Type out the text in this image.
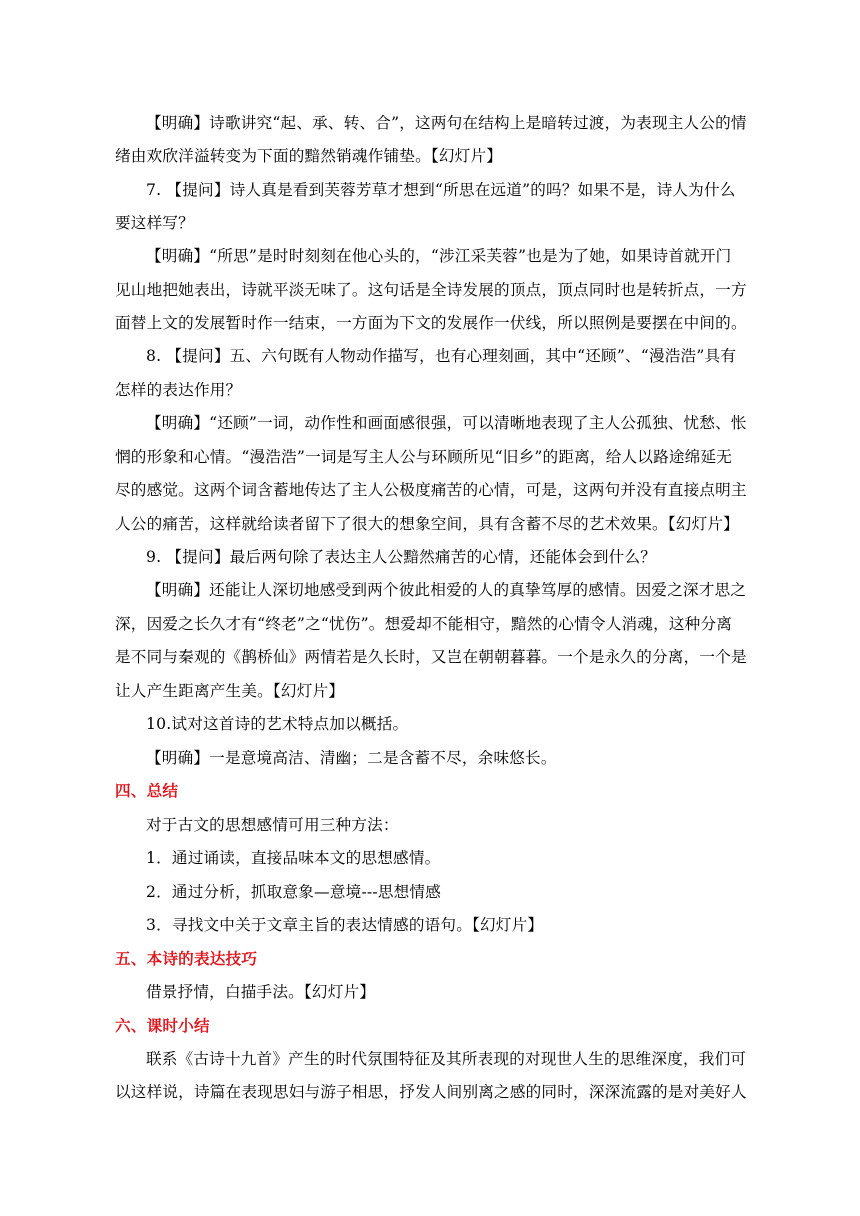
【明确】诗歌讲究“起、承、转、合”，这两句在结构上是暗转过渡，为表现主人公的情
绪由欢欣洋溢转变为下面的黯然销魂作铺垫。【幻灯片】
7. 【提问】诗人真是看到芙蓉芳草才想到“所思在远道”的吗？如果不是，诗人为什么
要这样写？
【明确】“所思”是时时刻刻在他心头的，“涉江采芙蓉”也是为了她，如果诗首就开门
见山地把她表出，诗就平淡无味了。这句话是全诗发展的顶点，顶点同时也是转折点，一方
面替上文的发展暂时作一结束，一方面为下文的发展作一伏线，所以照例是要摆在中间的。
8. 【提问】五、六句既有人物动作描写，也有心理刻画，其中“还顾”、“漫浩浩”具有
怎样的表达作用？
【明确】“还顾”一词，动作性和画面感很强，可以清晰地表现了主人公孤独、忧愁、怅
惘的形象和心情。“漫浩浩”一词是写主人公与环顾所见“旧乡”的距离，给人以路途绵延无
尽的感觉。这两个词含蓄地传达了主人公极度痛苦的心情，可是，这两句并没有直接点明主
人公的痛苦，这样就给读者留下了很大的想象空间，具有含蓄不尽的艺术效果。【幻灯片】
9. 【提问】最后两句除了表达主人公黯然痛苦的心情，还能体会到什么？
【明确】还能让人深切地感受到两个彼此相爱的人的真挚笃厚的感情。因爱之深才思之
深，因爱之长久才有“终老”之“忧伤”。想爱却不能相守，黯然的心情令人消魂，这种分离
是不同与秦观的《鹊桥仙》两情若是久长时，又岂在朝朝暮暮。一个是永久的分离，一个是
让人产生距离产生美。【幻灯片】
10.试对这首诗的艺术特点加以概括。
【明确】一是意境高洁、清幽；二是含蓄不尽，余味悠长。
四、总结
对于古文的思想感情可用三种方法：
1．通过诵读，直接品味本文的思想感情。
2．通过分析，抓取意象—意境---思想情感
3．寻找文中关于文章主旨的表达情感的语句。【幻灯片】
五、本诗的表达技巧
借景抒情，白描手法。【幻灯片】
六、课时小结
联系《古诗十九首》产生的时代氛围特征及其所表现的对现世人生的思维深度，我们可
以这样说，诗篇在表现思妇与游子相思，抒发人间别离之感的同时，深深流露的是对美好人
